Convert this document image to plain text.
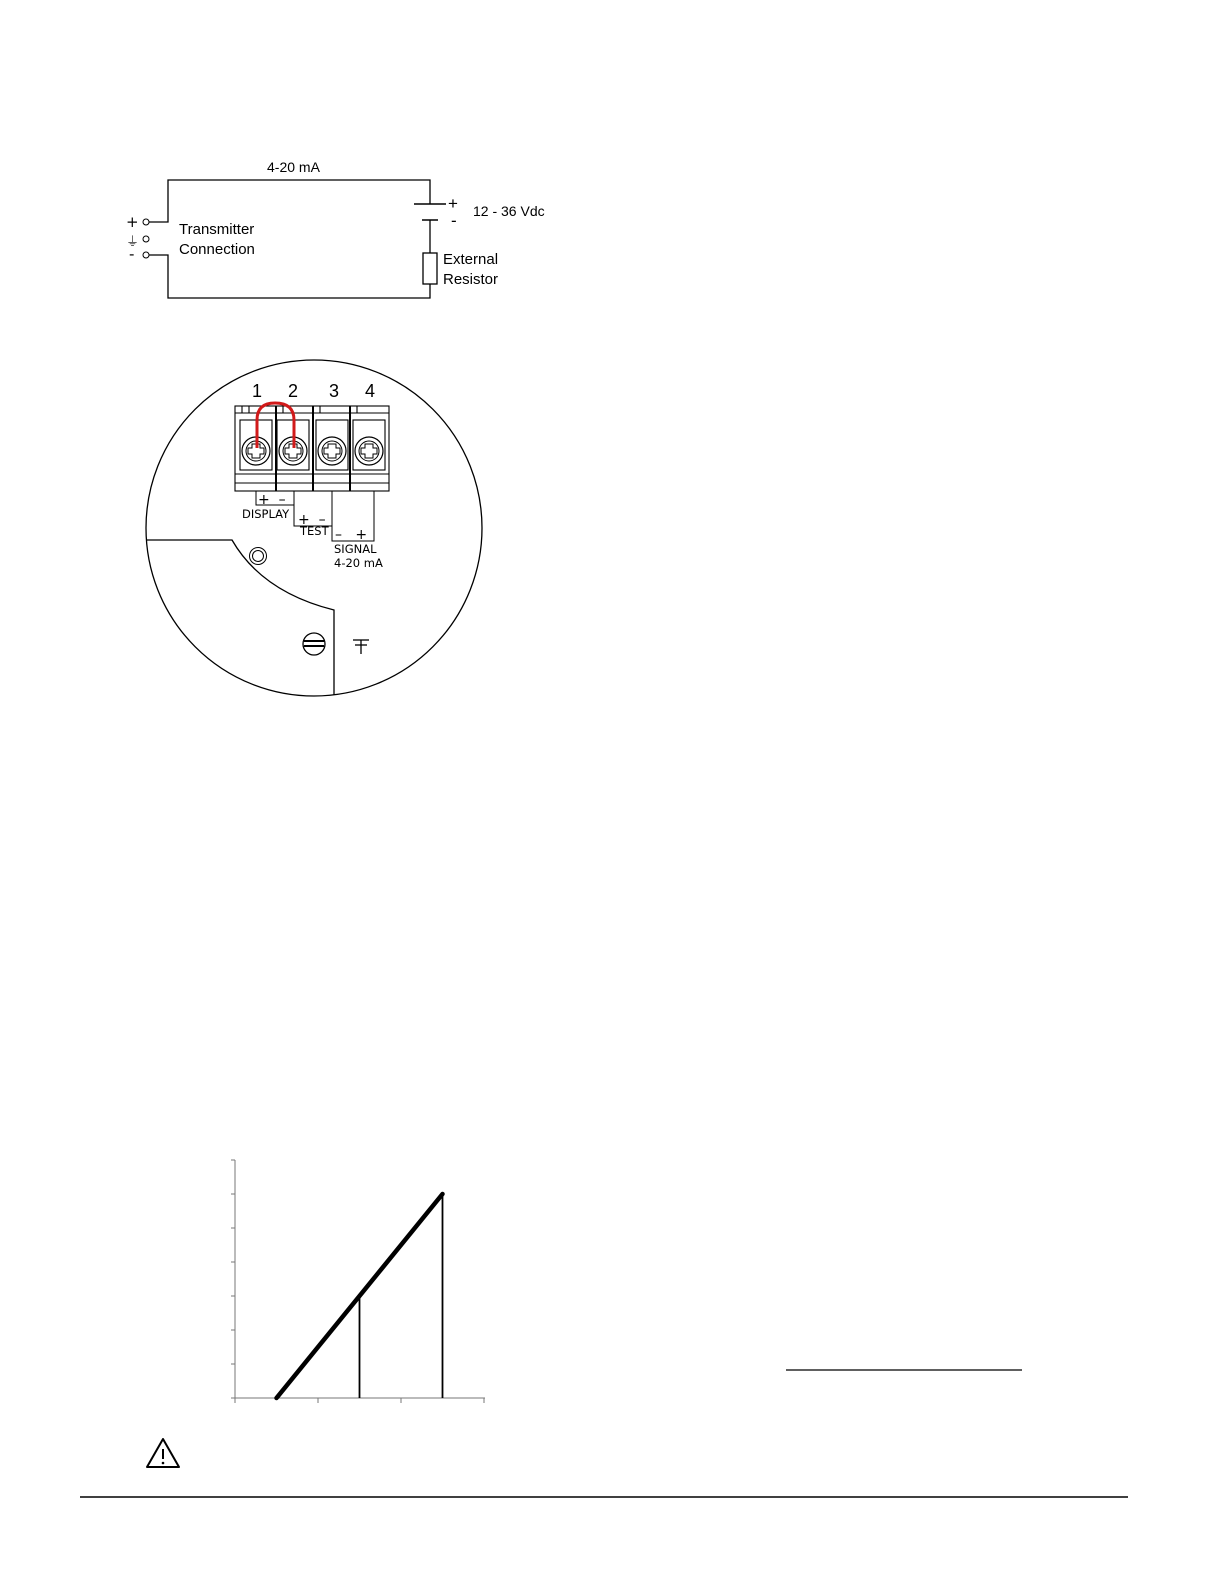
4-20 mA
+
- 12 - 36 Vdc
+
⏚
-
Transmitter
Connection
External
Resistor
1 2 3 4
+  –
DISPLAY +  –
TEST –   +
SIGNAL
4-20 mA
